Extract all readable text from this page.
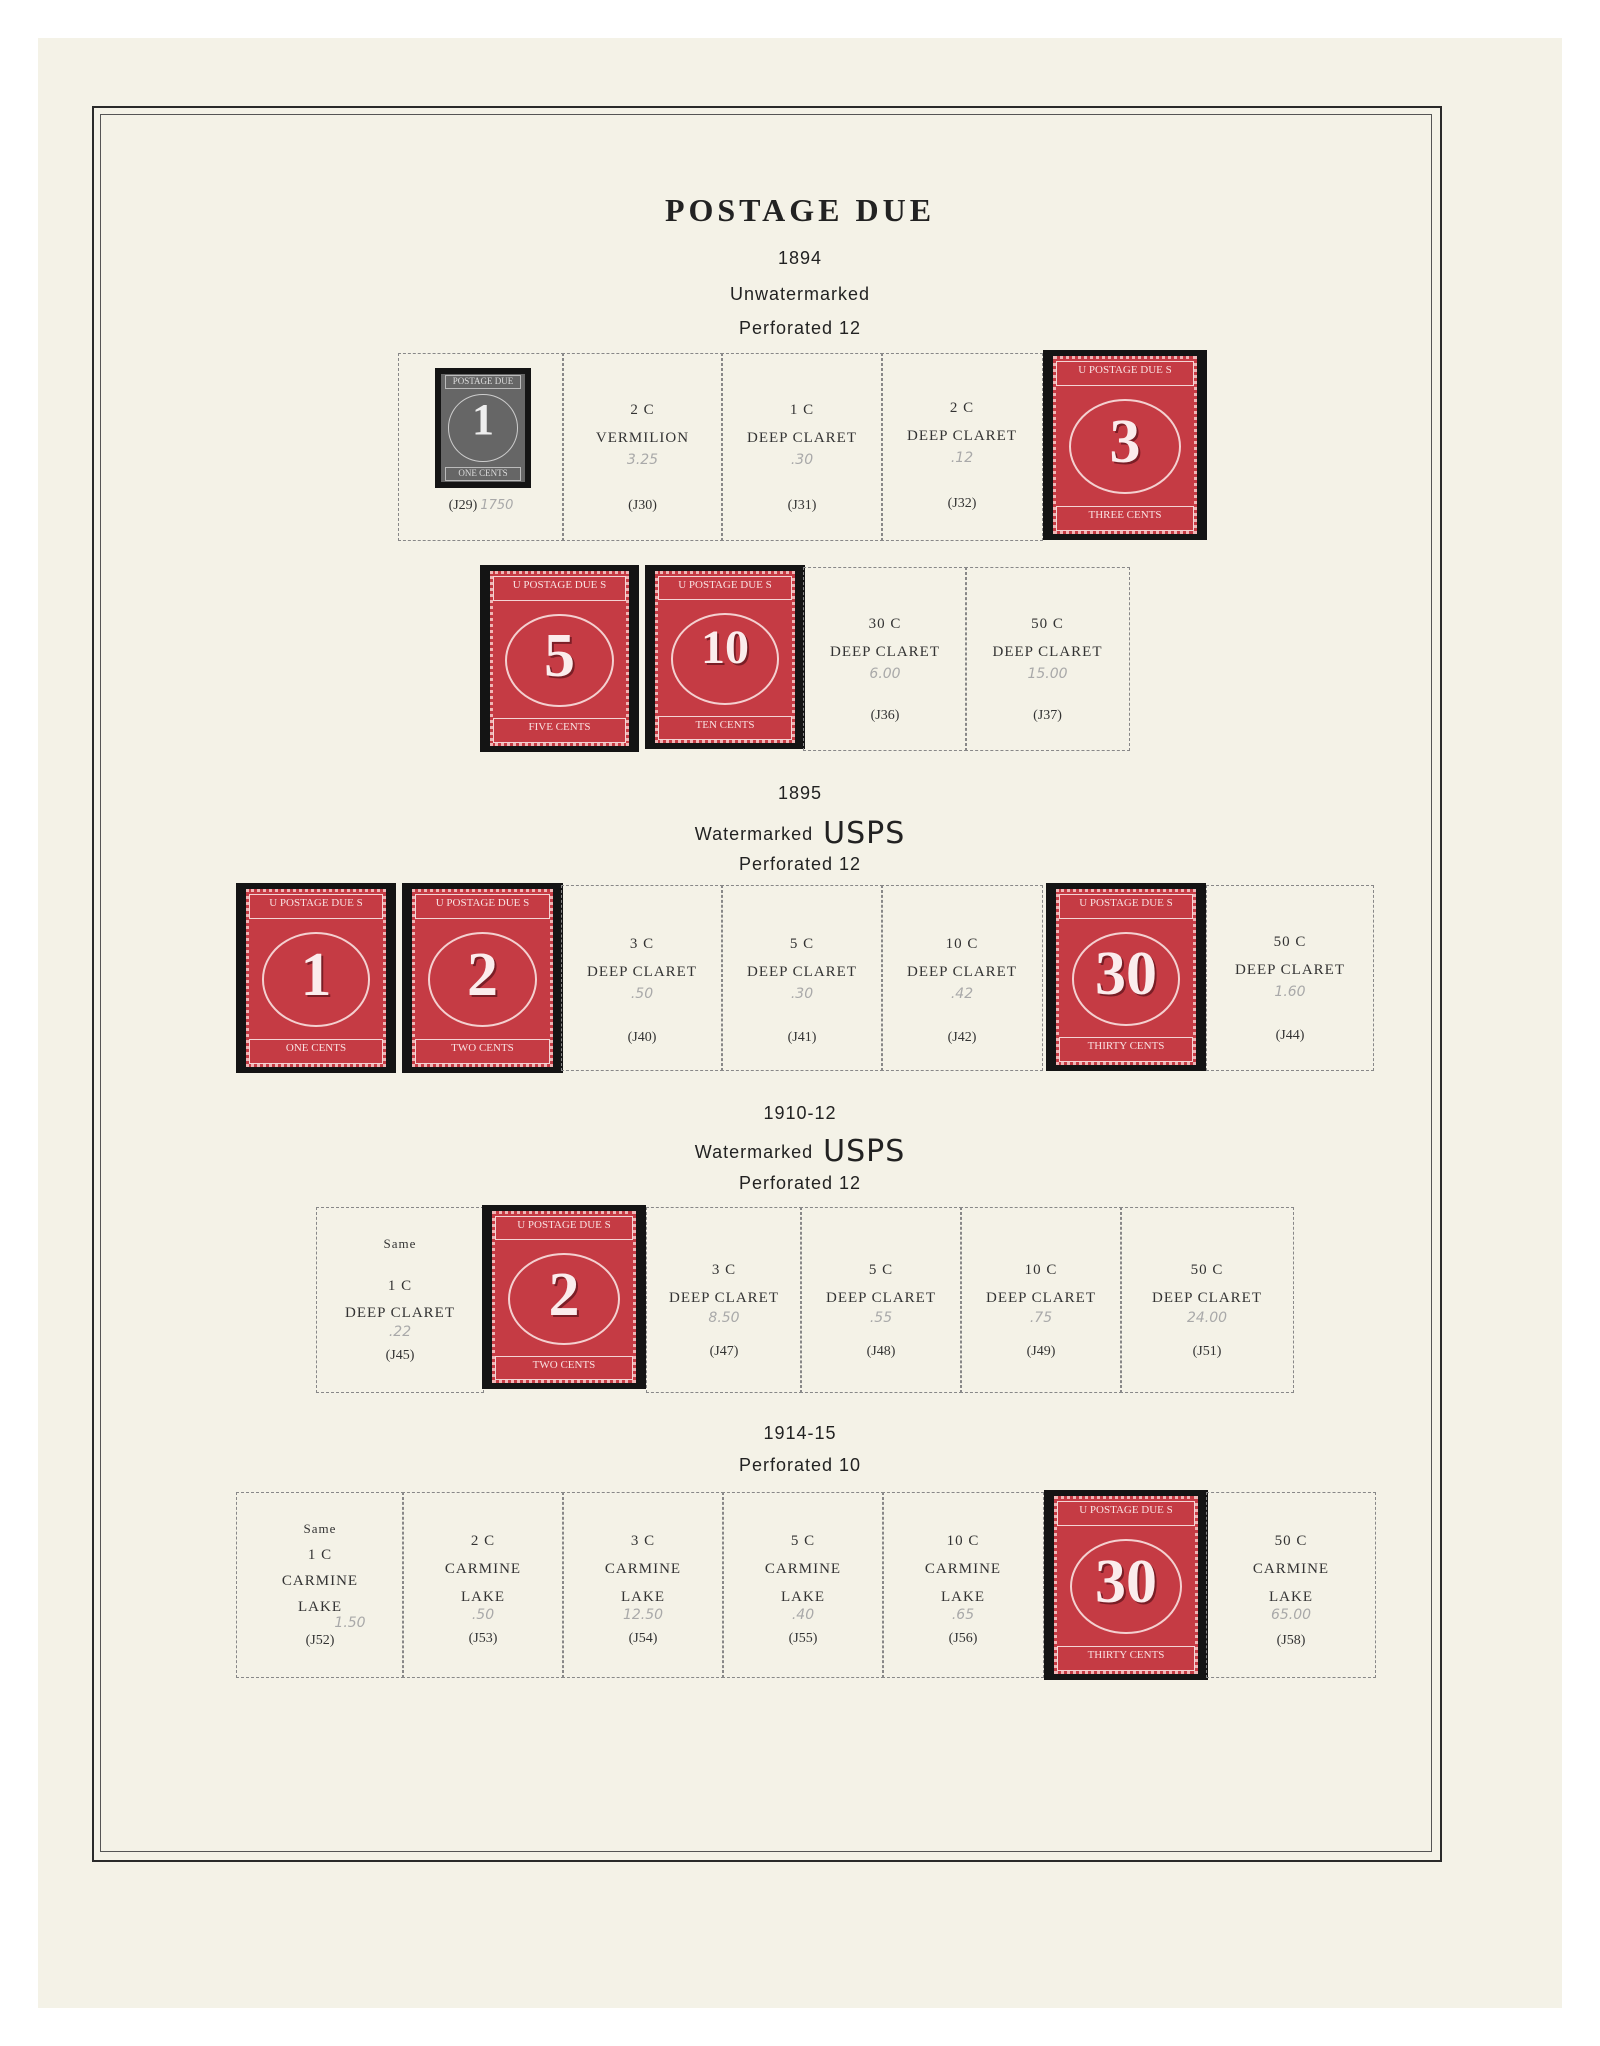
POSTAGE DUE
1894
Unwatermarked
Perforated 12
1895
Watermarked USPS
Perforated 12
1910-12
Watermarked USPS
Perforated 12
1914-15
Perforated 10
POSTAGE DUE
1
ONE CENTS
(J29) 1750
2 C
VERMILION
3.25
(J30)
1 C
DEEP CLARET
.30
(J31)
2 C
DEEP CLARET
.12
(J32)
U POSTAGE DUE S
3
THREE CENTS
U POSTAGE DUE S
5
FIVE CENTS
U POSTAGE DUE S
10
TEN CENTS
30 C
DEEP CLARET
6.00
(J36)
50 C
DEEP CLARET
15.00
(J37)
U POSTAGE DUE S
1
ONE CENTS
U POSTAGE DUE S
2
TWO CENTS
3 C
DEEP CLARET
.50
(J40)
5 C
DEEP CLARET
.30
(J41)
10 C
DEEP CLARET
.42
(J42)
U POSTAGE DUE S
30
THIRTY CENTS
50 C
DEEP CLARET
1.60
(J44)
Same
1 C
DEEP CLARET
.22
(J45)
U POSTAGE DUE S
2
TWO CENTS
3 C
DEEP CLARET
8.50
(J47)
5 C
DEEP CLARET
.55
(J48)
10 C
DEEP CLARET
.75
(J49)
50 C
DEEP CLARET
24.00
(J51)
Same
1 C
CARMINE
LAKE
1.50
(J52)
2 C
CARMINE
LAKE
.50
(J53)
3 C
CARMINE
LAKE
12.50
(J54)
5 C
CARMINE
LAKE
.40
(J55)
10 C
CARMINE
LAKE
.65
(J56)
U POSTAGE DUE S
30
THIRTY CENTS
50 C
CARMINE
LAKE
65.00
(J58)
